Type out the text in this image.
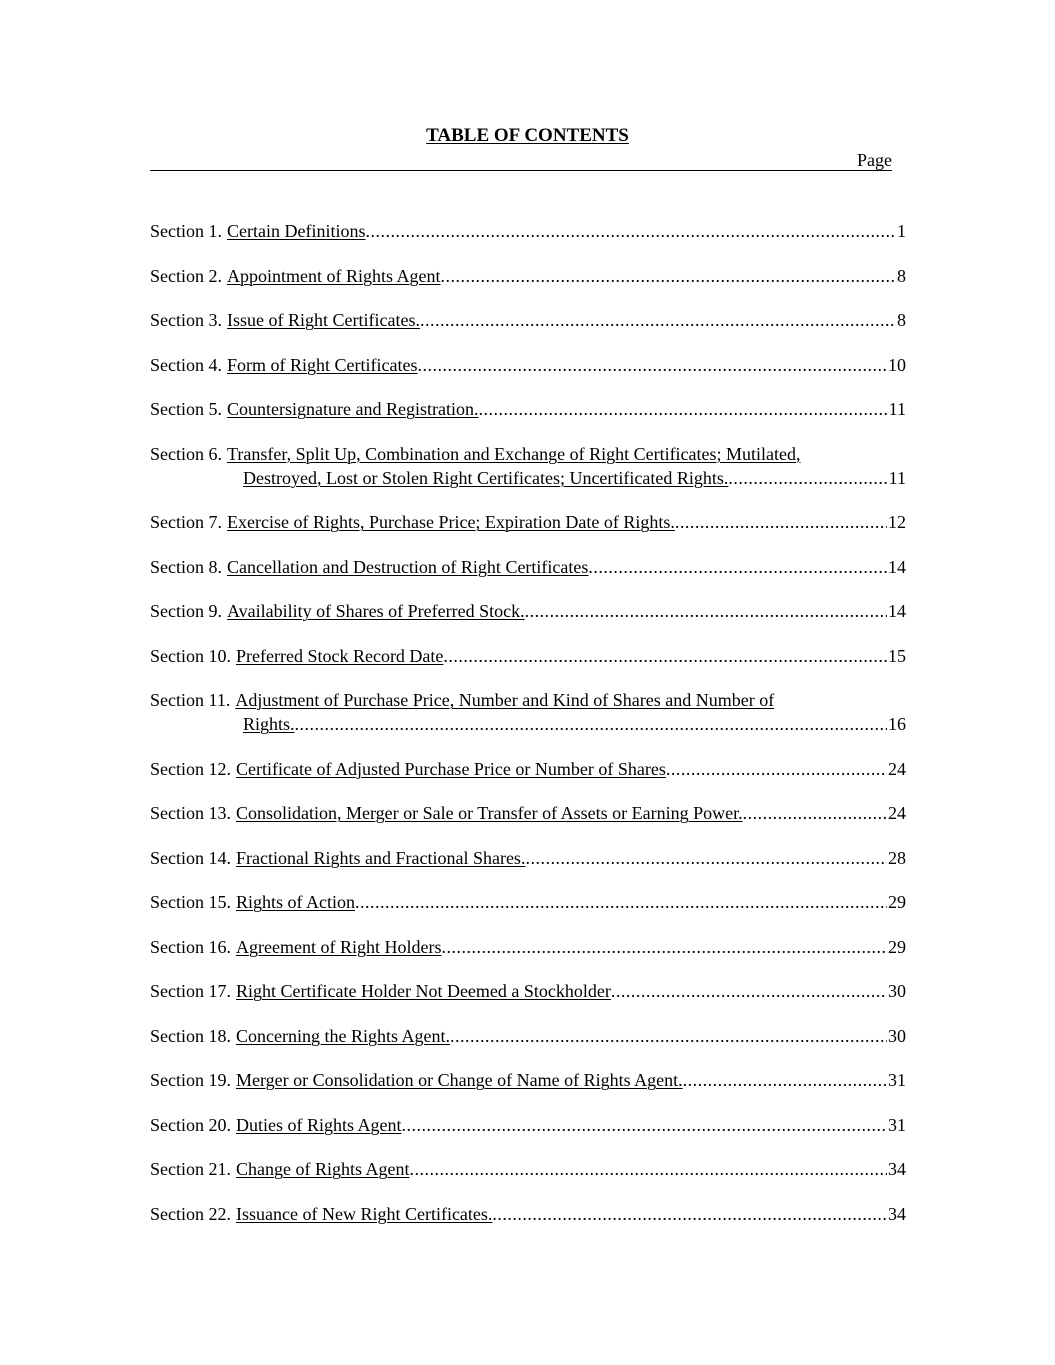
TABLE OF CONTENTS
Page
Section 1. Certain Definitions .....	1
Section 2. Appointment of Rights Agent .....	8
Section 3. Issue of Right Certificates. .....	8
Section 4. Form of Right Certificates .....	10
Section 5. Countersignature and Registration. .....	11
Section 6. Transfer, Split Up, Combination and Exchange of Right Certificates; Mutilated,
Destroyed, Lost or Stolen Right Certificates; Uncertificated Rights. .....	11
Section 7. Exercise of Rights, Purchase Price; Expiration Date of Rights. .....	12
Section 8. Cancellation and Destruction of Right Certificates .....	14
Section 9. Availability of Shares of Preferred Stock. .....	14
Section 10. Preferred Stock Record Date .....	15
Section 11. Adjustment of Purchase Price, Number and Kind of Shares and Number of
Rights. .....	16
Section 12. Certificate of Adjusted Purchase Price or Number of Shares .....	24
Section 13. Consolidation, Merger or Sale or Transfer of Assets or Earning Power. .....	24
Section 14. Fractional Rights and Fractional Shares. .....	28
Section 15. Rights of Action .....	29
Section 16. Agreement of Right Holders .....	29
Section 17. Right Certificate Holder Not Deemed a Stockholder .....	30
Section 18. Concerning the Rights Agent. .....	30
Section 19. Merger or Consolidation or Change of Name of Rights Agent. .....	31
Section 20. Duties of Rights Agent .....	31
Section 21. Change of Rights Agent .....	34
Section 22. Issuance of New Right Certificates. .....	34
